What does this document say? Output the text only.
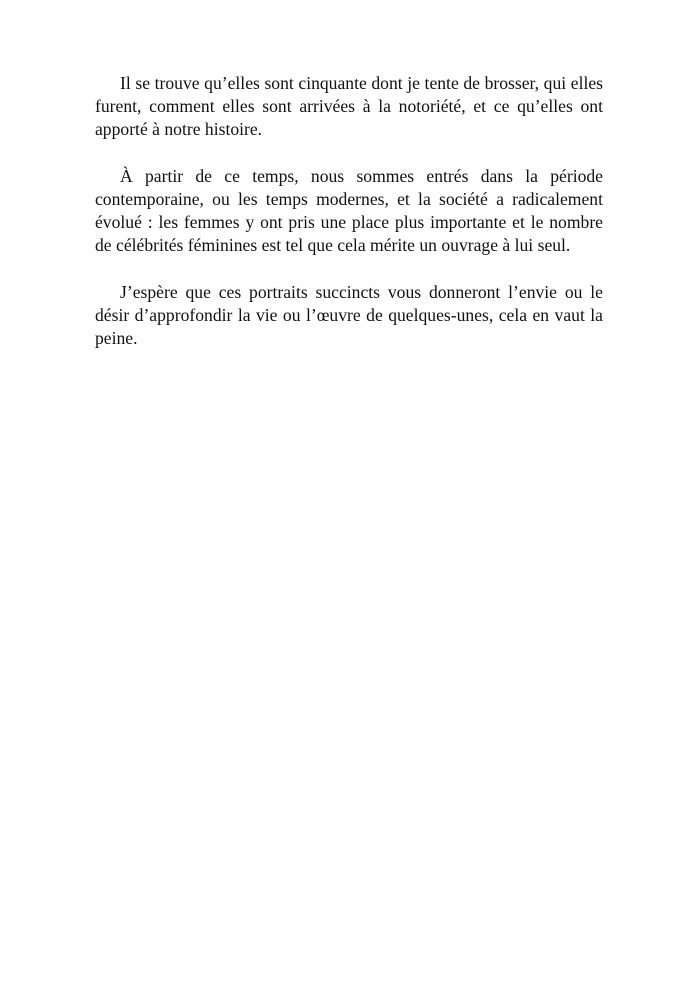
Il se trouve qu’elles sont cinquante dont je tente de brosser, qui elles furent, comment elles sont arrivées à la notoriété, et ce qu’elles ont apporté à notre histoire.

À partir de ce temps, nous sommes entrés dans la période contemporaine, ou les temps modernes, et la société a radicalement évolué : les femmes y ont pris une place plus importante et le nombre de célébrités féminines est tel que cela mérite un ouvrage à lui seul.

J’espère que ces portraits succincts vous donneront l’envie ou le désir d’approfondir la vie ou l’œuvre de quelques-unes, cela en vaut la peine.
